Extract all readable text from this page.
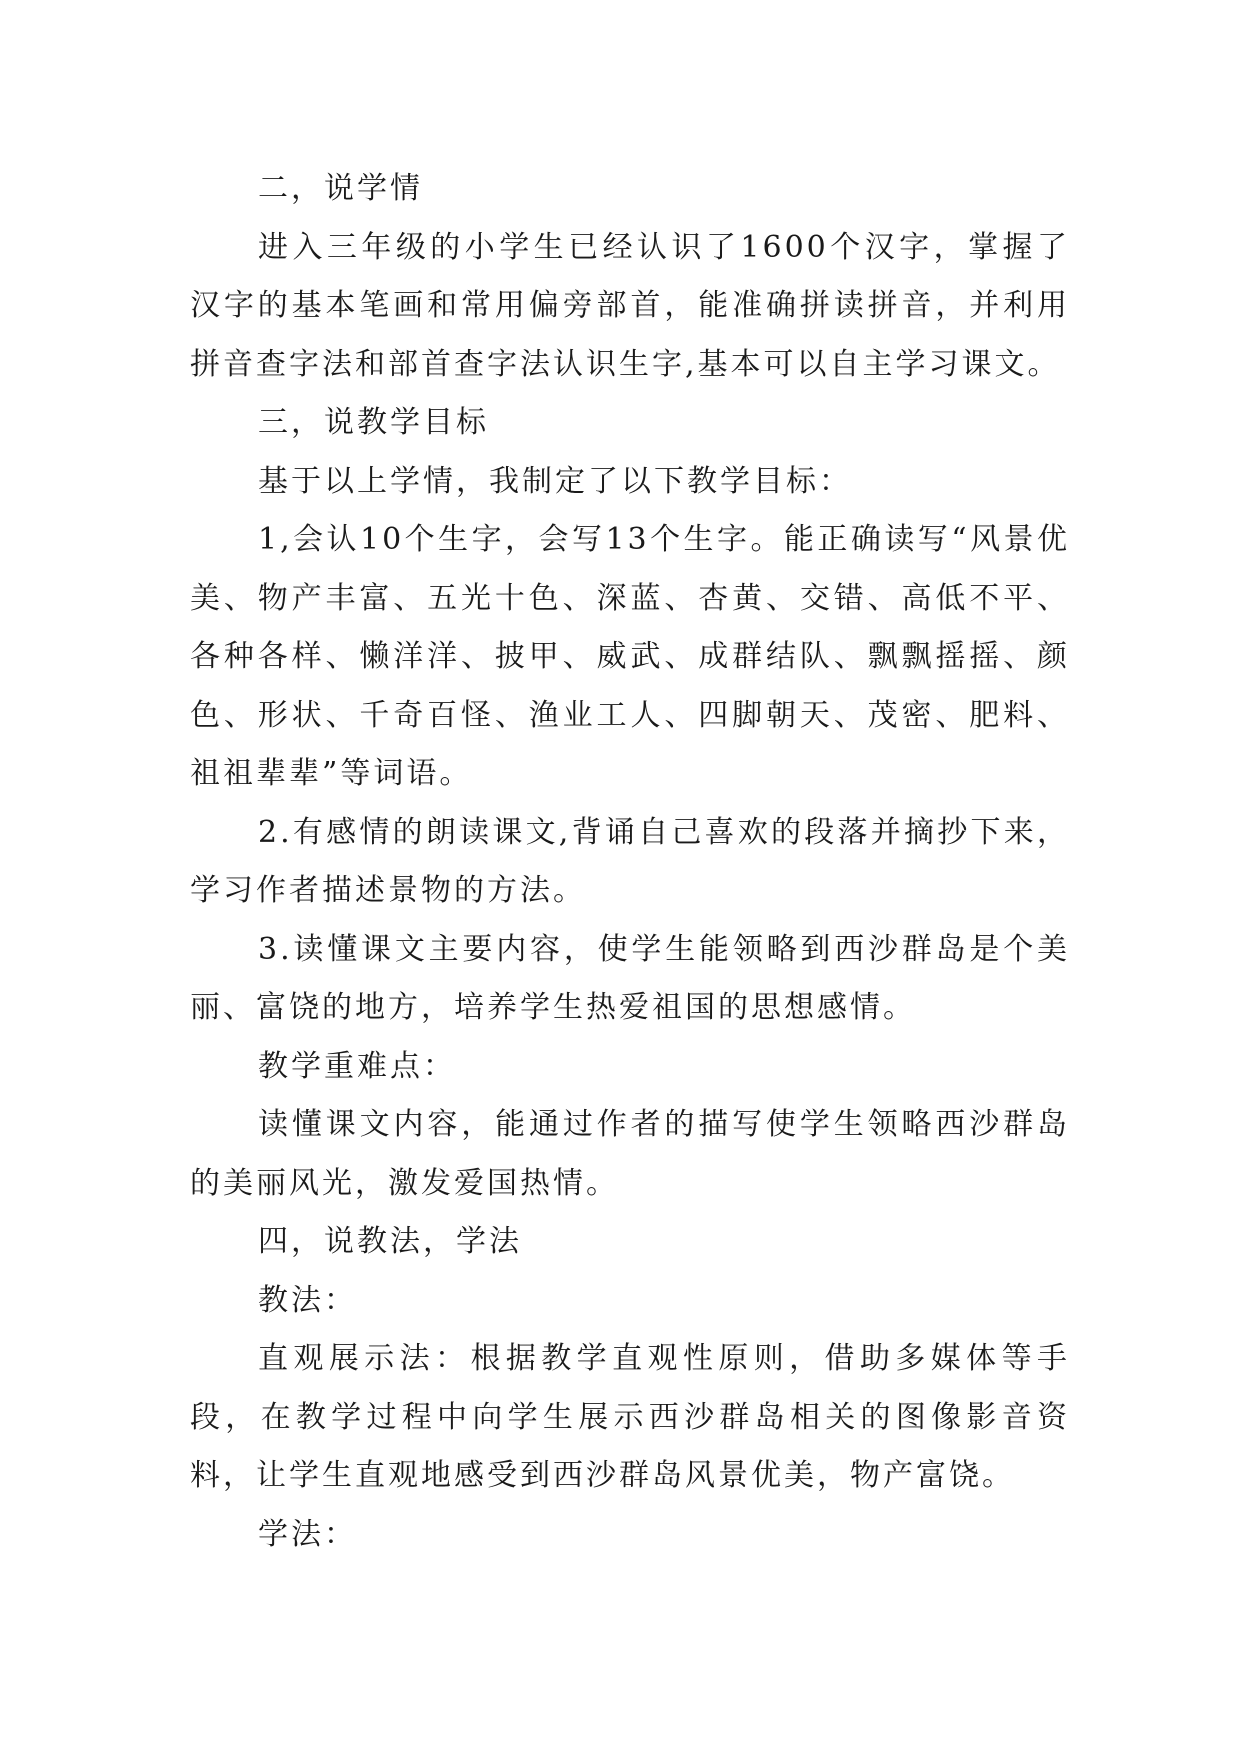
二，说学情

进入三年级的小学生已经认识了1600个汉字，掌握了汉字的基本笔画和常用偏旁部首，能准确拼读拼音，并利用拼音查字法和部首查字法认识生字,基本可以自主学习课文。

三，说教学目标

基于以上学情，我制定了以下教学目标：

1,会认10个生字，会写13个生字。能正确读写“风景优美、物产丰富、五光十色、深蓝、杏黄、交错、高低不平、各种各样、懒洋洋、披甲、威武、成群结队、飘飘摇摇、颜色、形状、千奇百怪、渔业工人、四脚朝天、茂密、肥料、祖祖辈辈”等词语。

2.有感情的朗读课文,背诵自己喜欢的段落并摘抄下来，学习作者描述景物的方法。

3.读懂课文主要内容，使学生能领略到西沙群岛是个美丽、富饶的地方，培养学生热爱祖国的思想感情。

教学重难点：

读懂课文内容，能通过作者的描写使学生领略西沙群岛的美丽风光，激发爱国热情。

四，说教法，学法

教法：

直观展示法：根据教学直观性原则，借助多媒体等手段，在教学过程中向学生展示西沙群岛相关的图像影音资料，让学生直观地感受到西沙群岛风景优美，物产富饶。

学法：
